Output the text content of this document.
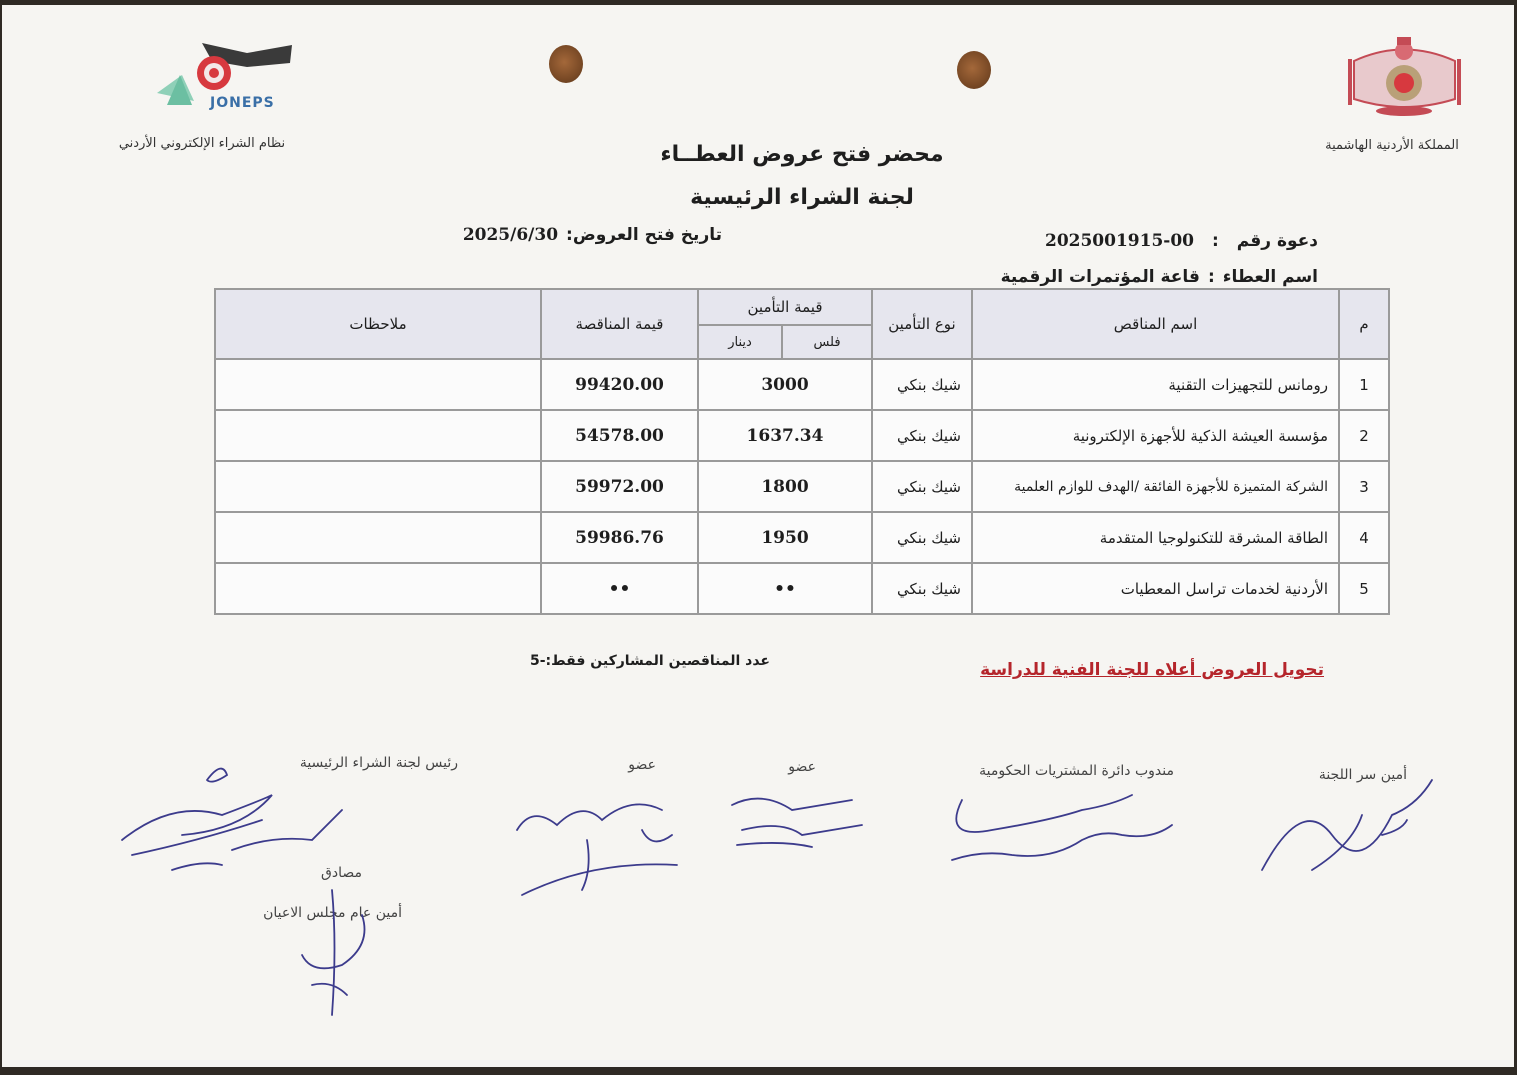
JONEPS
نظام الشراء الإلكتروني الأردني	المملكة الأردنية الهاشمية
محضر فتح عروض العطــاء
لجنة الشراء الرئيسية
دعوة رقم
:
2025001915-00
اسم العطاء
:
قاعة المؤتمرات الرقمية
تاريخ فتح العروض:
2025/6/30
م	اسم المناقص	نوع التأمين	قيمة التأمين		قيمة المناقصة	ملاحظات
			فلس	دينار		
1	رومانس للتجهيزات التقنية	شيك بنكي	3000		99420.00	
2	مؤسسة العيشة الذكية للأجهزة الإلكترونية	شيك بنكي	1637.34		54578.00	
3	الشركة المتميزة للأجهزة الفائقة /الهدف للوازم العلمية	شيك بنكي	1800		59972.00	
4	الطاقة المشرقة للتكنولوجيا المتقدمة	شيك بنكي	1950		59986.76	
5	الأردنية لخدمات تراسل المعطيات	شيك بنكي	••		••	
تحويل العروض أعلاه للجنة الفنية للدراسة
عدد المناقصين المشاركين فقط:-5
أمين سر اللجنة
مندوب دائرة المشتريات الحكومية
عضو
عضو
رئيس لجنة الشراء الرئيسية
مصادق
أمين عام مجلس الاعيان
